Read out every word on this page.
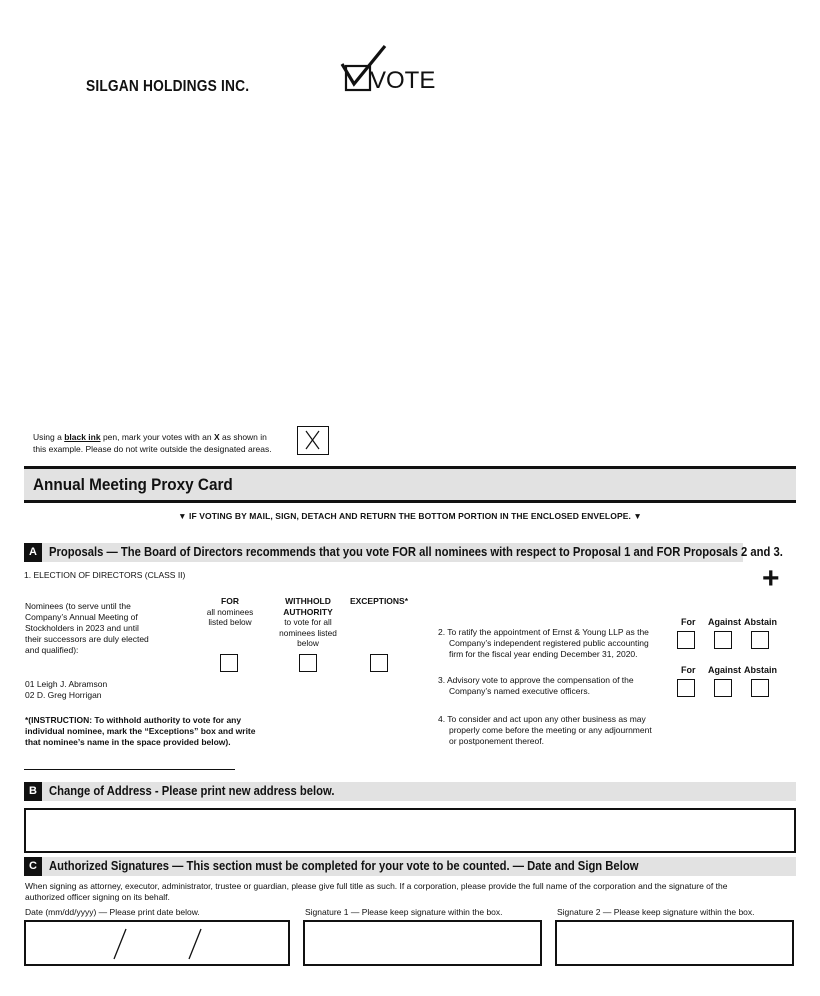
SILGAN HOLDINGS INC.	VOTE
Using a black ink pen, mark your votes with an X as shown in
this example. Please do not write outside the designated areas.
Annual Meeting Proxy Card
▼ IF VOTING BY MAIL, SIGN, DETACH AND RETURN THE BOTTOM PORTION IN THE ENCLOSED ENVELOPE. ▼
A Proposals — The Board of Directors recommends that you vote FOR all nominees with respect to Proposal 1 and FOR Proposals 2 and 3.
+
1. ELECTION OF DIRECTORS (CLASS II)
Nominees (to serve until the
Company’s Annual Meeting of
Stockholders in 2023 and until
their successors are duly elected
and qualified):
01 Leigh J. Abramson
02 D. Greg Horrigan
FOR
all nominees
listed below
WITHHOLD
AUTHORITY
to vote for all
nominees listed
below
EXCEPTIONS*
*(INSTRUCTION: To withhold authority to vote for any
individual nominee, mark the “Exceptions” box and write
that nominee’s name in the space provided below).
For Against Abstain
2. To ratify the appointment of Ernst & Young LLP as the
Company’s independent registered public accounting
firm for the fiscal year ending December 31, 2020.
For Against Abstain
3. Advisory vote to approve the compensation of the
Company’s named executive officers.
4. To consider and act upon any other business as may
properly come before the meeting or any adjournment
or postponement thereof.
B Change of Address - Please print new address below.
C Authorized Signatures — This section must be completed for your vote to be counted. — Date and Sign Below
When signing as attorney, executor, administrator, trustee or guardian, please give full title as such. If a corporation, please provide the full name of the corporation and the signature of the
authorized officer signing on its behalf.
Date (mm/dd/yyyy) — Please print date below.	Signature 1 — Please keep signature within the box.	Signature 2 — Please keep signature within the box.
